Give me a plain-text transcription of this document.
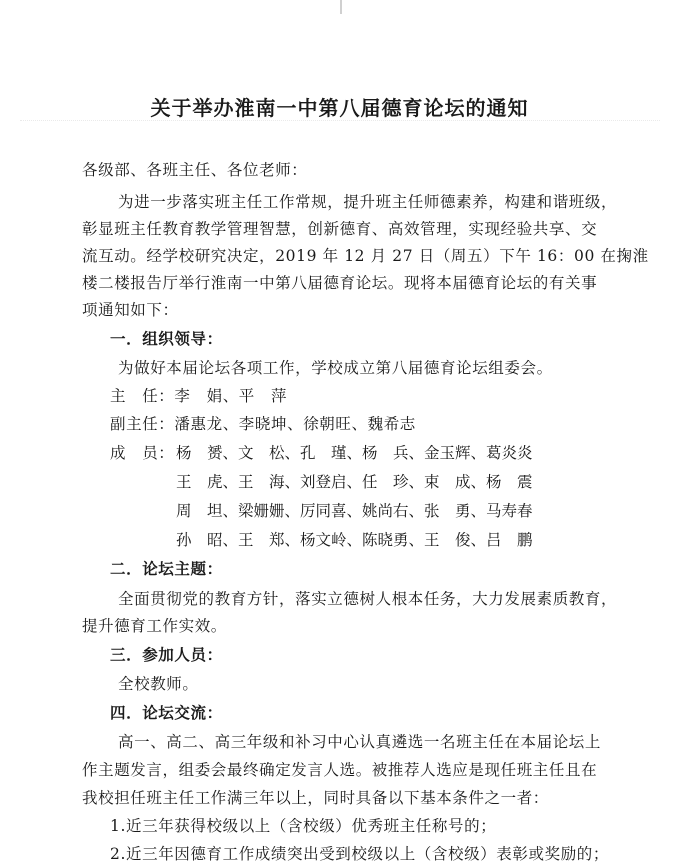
关于举办淮南一中第八届德育论坛的通知
各级部、各班主任、各位老师：
为进一步落实班主任工作常规，提升班主任师德素养，构建和谐班级，
彰显班主任教育教学管理智慧，创新德育、高效管理，实现经验共享、交
流互动。经学校研究决定，2019 年 12 月 27 日（周五）下午 16：00 在掬淮
楼二楼报告厅举行淮南一中第八届德育论坛。现将本届德育论坛的有关事
项通知如下：
一．组织领导：
为做好本届论坛各项工作，学校成立第八届德育论坛组委会。
主　任：李　娟、平　萍
副主任：潘惠龙、李晓坤、徐朝旺、魏希志
成　员： 杨　赟、文　松、孔　瑾、杨　兵、金玉辉、葛炎炎
王　虎、王　海、刘登启、任　珍、束　成、杨　震
周　坦、梁姗姗、厉同喜、姚尚右、张　勇、马寿春
孙　昭、王　郑、杨文岭、陈晓勇、王　俊、吕　鹏
二．论坛主题：
全面贯彻党的教育方针，落实立德树人根本任务，大力发展素质教育，
提升德育工作实效。
三．参加人员：
全校教师。
四．论坛交流：
高一、高二、高三年级和补习中心认真遴选一名班主任在本届论坛上
作主题发言，组委会最终确定发言人选。被推荐人选应是现任班主任且在
我校担任班主任工作满三年以上，同时具备以下基本条件之一者：
1.近三年获得校级以上（含校级）优秀班主任称号的；
2.近三年因德育工作成绩突出受到校级以上（含校级）表彰或奖励的；
